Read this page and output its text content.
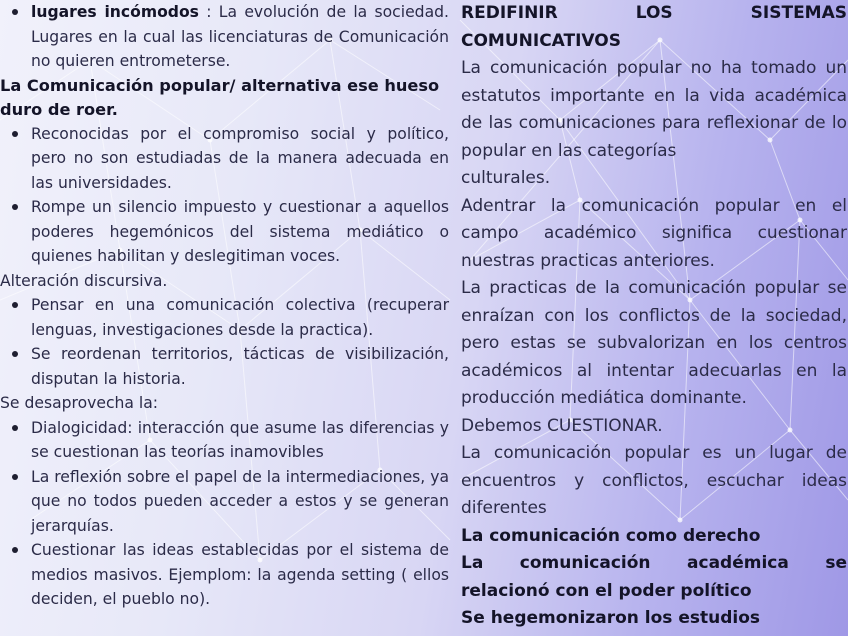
lugares incómodos : La evolución de la sociedad. Lugares en la cual las licenciaturas de Comunicación no quieren entrometerse.

La Comunicación popular/ alternativa ese hueso duro de roer.

Reconocidas por el compromiso social y político, pero no son estudiadas de la manera adecuada en las universidades.
Rompe un silencio impuesto y cuestionar a aquellos poderes hegemónicos del sistema mediático o quienes habilitan y deslegitiman voces.

Alteración discursiva.

Pensar en una comunicación colectiva (recuperar lenguas, investigaciones desde la practica).
Se reordenan territorios, tácticas de visibilización, disputan la historia.

Se desaprovecha la:

Dialogicidad: interacción que asume las diferencias y se cuestionan las teorías inamovibles
La reflexión sobre el papel de la intermediaciones, ya que no todos pueden acceder a estos y se generan jerarquías.
Cuestionar las ideas establecidas por el sistema de medios masivos. Ejemplom: la agenda setting ( ellos deciden, el pueblo no).
REDIFINIR	LOS	SISTEMAS

COMUNICATIVOS

La comunicación popular no ha tomado un estatutos importante en la vida académica de las comunicaciones para reflexionar de lo popular en las categorías

culturales.

Adentrar la comunicación popular en el campo académico significa cuestionar nuestras practicas anteriores.

La practicas de la comunicación popular se enraízan con los conflictos de la sociedad, pero estas se subvalorizan en los centros académicos al intentar adecuarlas en la producción mediática dominante.

Debemos CUESTIONAR.

La comunicación popular es un lugar de encuentros y conflictos, escuchar ideas diferentes

La comunicación como derecho

La comunicación académica se

relacionó con el poder político

Se hegemonizaron los estudios
